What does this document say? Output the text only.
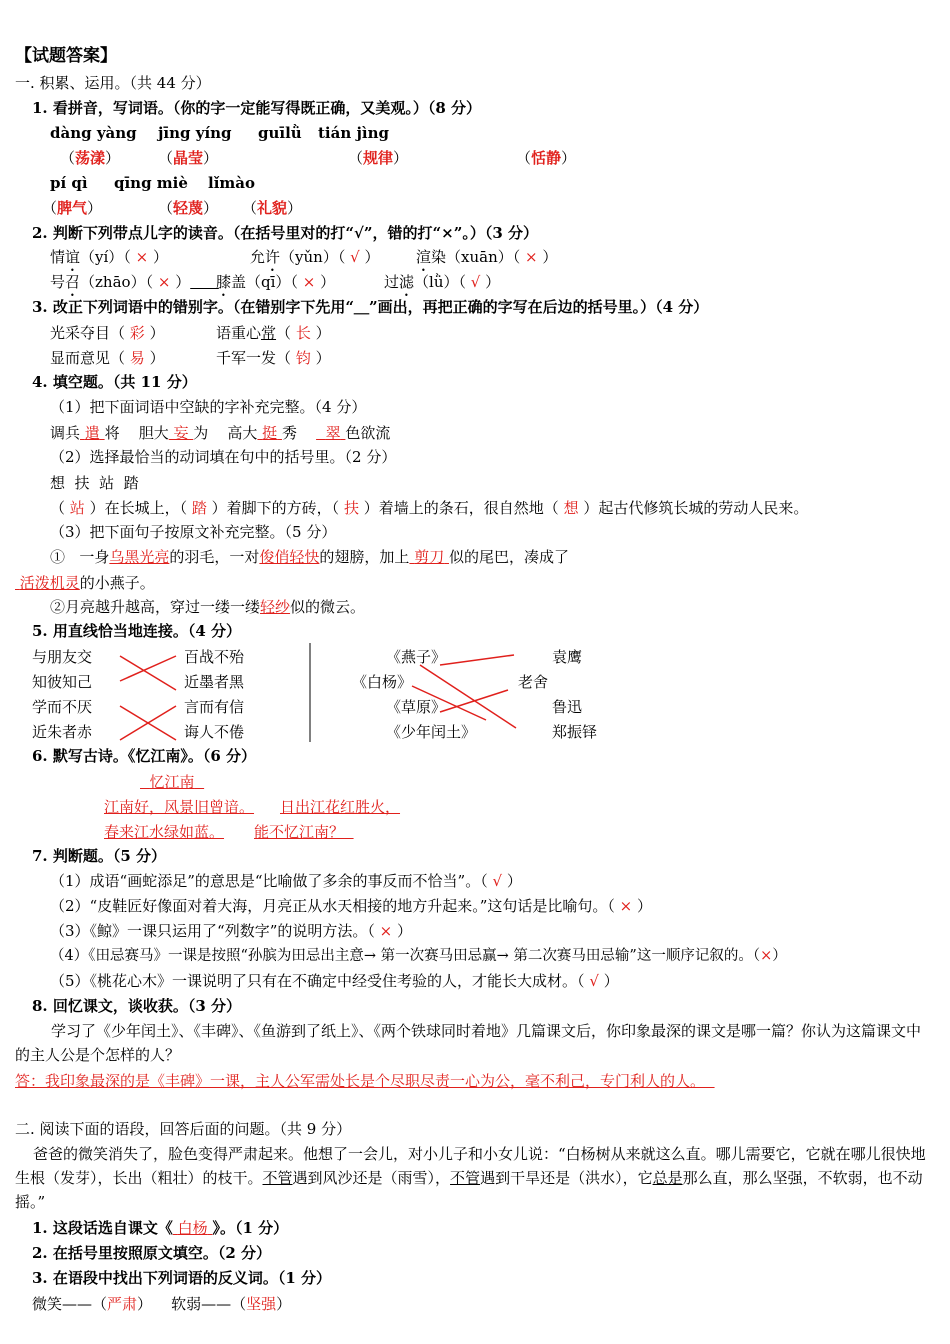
【试题答案】
一. 积累、运用。（共 44 分）
1. 看拼音，写词语。（你的字一定能写得既正确，又美观。）（8 分）
dàng yàng jīng yíng guīlǜ tián jìng
（荡漾）	（晶莹）	（规律）	（恬静）
pí qì qīng miè lǐmào
（脾气）	（轻蔑） （礼貌）
2. 判断下列带点儿字的读音。（在括号里对的打“√”，错的打“×”。）（3 分）
情谊（yí）（ × ）	允许（yǔn）（ √ ） 渲染（xuān）（ × ）
号召（zhāo）（ × ）	膝盖（qī）（ × ）	过滤（lǜ）（ √ ）
3. 改正下列词语中的错别字。（在错别字下先用“＿”画出，再把正确的字写在后边的括号里。）（4 分）
光采夺目（ 彩 ）	语重心常（ 长 ）
显而意见（ 易 ）	千军一发（ 钧 ）
4. 填空题。（共 11 分）
（1）把下面词语中空缺的字补充完整。（4 分）
调兵 遣 将 胆大 妄 为 高大 挺 秀 翠 色欲流
（2）选择最恰当的动词填在句中的括号里。（2 分）
想  扶  站  踏
（ 站 ）在长城上，（ 踏 ）着脚下的方砖，（ 扶 ）着墙上的条石，很自然地（ 想 ）起古代修筑长城的劳动人民来。
（3）把下面句子按原文补充完整。（5 分）
① 一身乌黑光亮的羽毛，一对俊俏轻快的翅膀，加上 剪刀 似的尾巴，凑成了
活泼机灵的小燕子。
②月亮越升越高，穿过一缕一缕轻纱似的微云。
5. 用直线恰当地连接。（4 分）
与朋友交
知彼知己
学而不厌
近朱者赤
百战不殆
近墨者黑
言而有信
诲人不倦
《燕子》
《白杨》
《草原》
《少年闰土》
袁鹰
老舍
鲁迅
郑振铎
6. 默写古诗。《忆江南》。（6 分）
忆江南
江南好，风景旧曾谙。	日出江花红胜火，
春来江水绿如蓝。 能不忆江南？
7. 判断题。（5 分）
（1）成语“画蛇添足”的意思是“比喻做了多余的事反而不恰当”。（ √ ）
（2）“皮鞋匠好像面对着大海，月亮正从水天相接的地方升起来。”这句话是比喻句。（ × ）
（3）《鲸》一课只运用了“列数字”的说明方法。（ × ）
（4）《田忌赛马》一课是按照“孙膑为田忌出主意→ 第一次赛马田忌赢→ 第二次赛马田忌输”这一顺序记叙的。（×）
（5）《桃花心木》一课说明了只有在不确定中经受住考验的人，才能长大成材。（ √ ）
8. 回忆课文，谈收获。（3 分）
学习了《少年闰土》、《丰碑》、《鱼游到了纸上》、《两个铁球同时着地》几篇课文后，你印象最深的课文是哪一篇？你认为这篇课文中的主人公是个怎样的人？
答：我印象最深的是《丰碑》一课，主人公军需处长是个尽职尽责一心为公，毫不利己，专门利人的人。
二. 阅读下面的语段，回答后面的问题。（共 9 分）
爸爸的微笑消失了，脸色变得严肃起来。他想了一会儿，对小儿子和小女儿说：“白杨树从来就这么直。哪儿需要它，它就在哪儿很快地生根（发芽），长出（粗壮）的枝干。不管遇到风沙还是（雨雪），不管遇到干旱还是（洪水），它总是那么直，那么坚强，不软弱，也不动摇。”
1. 这段话选自课文《 白杨 》。（1 分）
2. 在括号里按照原文填空。（2 分）
3. 在语段中找出下列词语的反义词。（1 分）
微笑——（严肃）    软弱——（坚强）
